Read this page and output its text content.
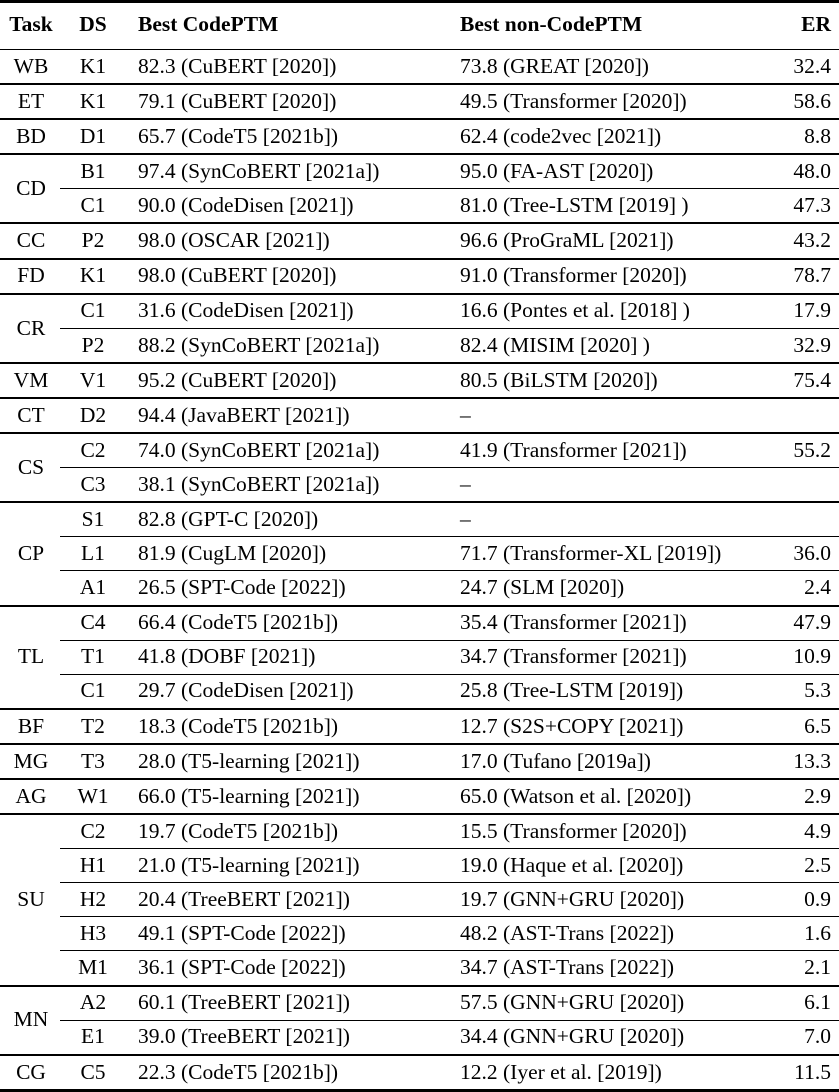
Task	DS	Best CodePTM	Best non-CodePTM	ER
WB	K1	82.3 (CuBERT [2020])	73.8 (GREAT [2020])	32.4
ET	K1	79.1 (CuBERT [2020])	49.5 (Transformer [2020])	58.6
BD	D1	65.7 (CodeT5 [2021b])	62.4 (code2vec [2021])	8.8
CD	B1	97.4 (SynCoBERT [2021a])	95.0 (FA-AST [2020])	48.0
	C1	90.0 (CodeDisen [2021])	81.0 (Tree-LSTM [2019] )	47.3
CC	P2	98.0 (OSCAR [2021])	96.6 (ProGraML [2021])	43.2
FD	K1	98.0 (CuBERT [2020])	91.0 (Transformer [2020])	78.7
CR	C1	31.6 (CodeDisen [2021])	16.6 (Pontes et al. [2018] )	17.9
	P2	88.2 (SynCoBERT [2021a])	82.4 (MISIM [2020] )	32.9
VM	V1	95.2 (CuBERT [2020])	80.5 (BiLSTM [2020])	75.4
CT	D2	94.4 (JavaBERT [2021])	–	
CS	C2	74.0 (SynCoBERT [2021a])	41.9 (Transformer [2021])	55.2
	C3	38.1 (SynCoBERT [2021a])	–	
CP	S1	82.8 (GPT-C [2020])	–	
	L1	81.9 (CugLM [2020])	71.7 (Transformer-XL [2019])	36.0
	A1	26.5 (SPT-Code [2022])	24.7 (SLM [2020])	2.4
TL	C4	66.4 (CodeT5 [2021b])	35.4 (Transformer [2021])	47.9
	T1	41.8 (DOBF [2021])	34.7 (Transformer [2021])	10.9
	C1	29.7 (CodeDisen [2021])	25.8 (Tree-LSTM [2019])	5.3
BF	T2	18.3 (CodeT5 [2021b])	12.7 (S2S+COPY [2021])	6.5
MG	T3	28.0 (T5-learning [2021])	17.0 (Tufano [2019a])	13.3
AG	W1	66.0 (T5-learning [2021])	65.0 (Watson et al. [2020])	2.9
SU	C2	19.7 (CodeT5 [2021b])	15.5 (Transformer [2020])	4.9
	H1	21.0 (T5-learning [2021])	19.0 (Haque et al. [2020])	2.5
	H2	20.4 (TreeBERT [2021])	19.7 (GNN+GRU [2020])	0.9
	H3	49.1 (SPT-Code [2022])	48.2 (AST-Trans [2022])	1.6
	M1	36.1 (SPT-Code [2022])	34.7 (AST-Trans [2022])	2.1
MN	A2	60.1 (TreeBERT [2021])	57.5 (GNN+GRU [2020])	6.1
	E1	39.0 (TreeBERT [2021])	34.4 (GNN+GRU [2020])	7.0
CG	C5	22.3 (CodeT5 [2021b])	12.2 (Iyer et al. [2019])	11.5
